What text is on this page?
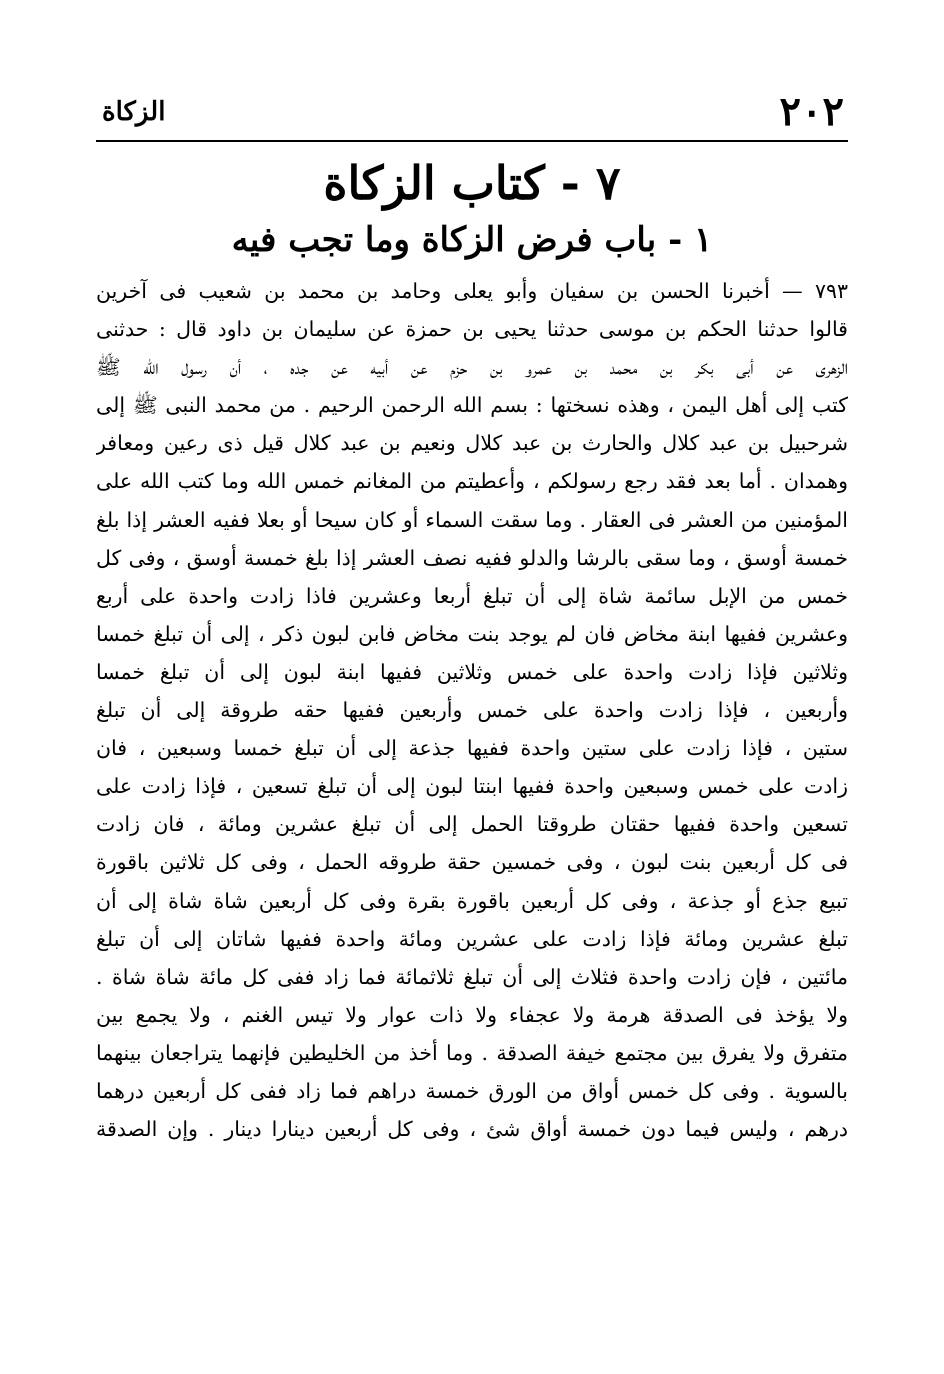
٢٠٢
الزكاة
٧ - كتاب الزكاة
١ - باب فرض الزكاة وما تجب فيه
٧٩٣ — أخبرنا الحسن بن سفيان وأبو يعلى وحامد بن محمد بن شعيب فى آخرين
قالوا حدثنا الحكم بن موسى حدثنا يحيى بن حمزة عن سليمان بن داود قال : حدثنى
الزهرى عن أبى بكر بن محمد بن عمرو بن حزم عن أبيه عن جده ، أن رسول الله ﷺ
كتب إلى أهل اليمن ، وهذه نسختها : بسم الله الرحمن الرحيم . من محمد النبى ﷺ إلى
شرحبيل بن عبد كلال والحارث بن عبد كلال ونعيم بن عبد كلال قيل ذى رعين ومعافر
وهمدان . أما بعد فقد رجع رسولكم ، وأعطيتم من المغانم خمس الله وما كتب الله على
المؤمنين من العشر فى العقار . وما سقت السماء أو كان سيحا أو بعلا ففيه العشر إذا بلغ
خمسة أوسق ، وما سقى بالرشا والدلو ففيه نصف العشر إذا بلغ خمسة أوسق ، وفى كل
خمس من الإبل سائمة شاة إلى أن تبلغ أربعا وعشرين فاذا زادت واحدة على أربع
وعشرين ففيها ابنة مخاض فان لم يوجد بنت مخاض فابن لبون ذكر ، إلى أن تبلغ خمسا
وثلاثين فإذا زادت واحدة على خمس وثلاثين ففيها ابنة لبون إلى أن تبلغ خمسا
وأربعين ، فإذا زادت واحدة على خمس وأربعين ففيها حقه طروقة إلى أن تبلغ
ستين ، فإذا زادت على ستين واحدة ففيها جذعة إلى أن تبلغ خمسا وسبعين ، فان
زادت على خمس وسبعين واحدة ففيها ابنتا لبون إلى أن تبلغ تسعين ، فإذا زادت على
تسعين واحدة ففيها حقتان طروقتا الحمل إلى أن تبلغ عشرين ومائة ، فان زادت
فى كل أربعين بنت لبون ، وفى خمسين حقة طروقه الحمل ، وفى كل ثلاثين باقورة
تبيع جذع أو جذعة ، وفى كل أربعين باقورة بقرة وفى كل أربعين شاة شاة إلى أن
تبلغ عشرين ومائة فإذا زادت على عشرين ومائة واحدة ففيها شاتان إلى أن تبلغ
مائتين ، فإن زادت واحدة فثلاث إلى أن تبلغ ثلاثمائة فما زاد ففى كل مائة شاة شاة .
ولا يؤخذ فى الصدقة هرمة ولا عجفاء ولا ذات عوار ولا تيس الغنم ، ولا يجمع بين
متفرق ولا يفرق بين مجتمع خيفة الصدقة . وما أخذ من الخليطين فإنهما يتراجعان بينهما
بالسوية . وفى كل خمس أواق من الورق خمسة دراهم فما زاد ففى كل أربعين درهما
درهم ، وليس فيما دون خمسة أواق شئ ، وفى كل أربعين دينارا دينار . وإن الصدقة
